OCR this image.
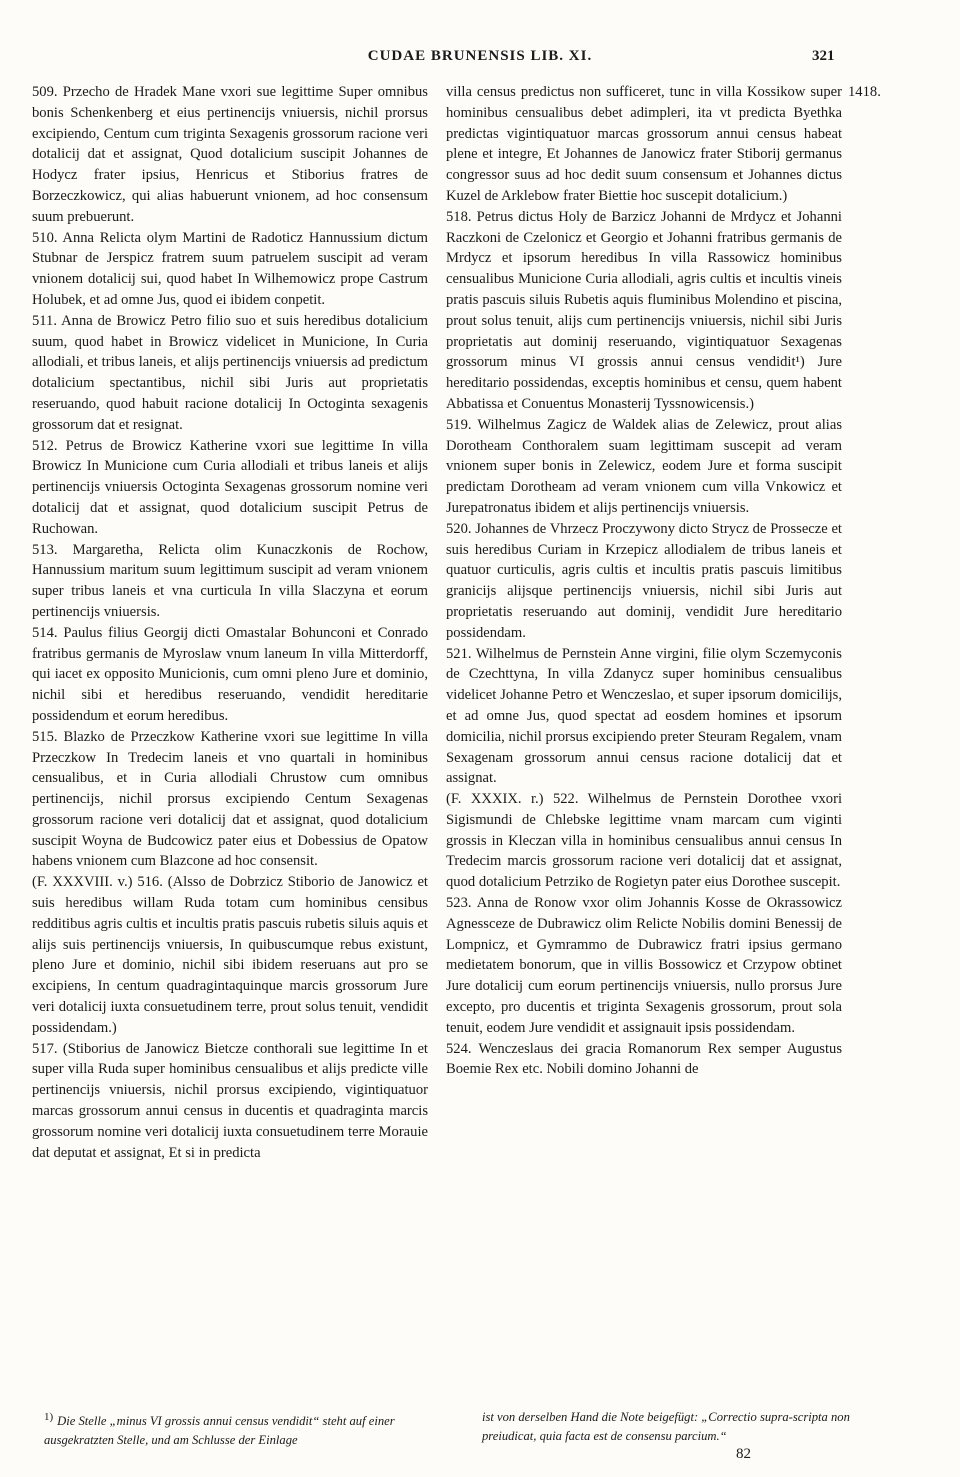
CUDAE BRUNENSIS LIB. XI.	321
1418.

509. Przecho de Hradek Mane vxori sue legittime Super omnibus bonis Schenkenberg et eius pertinencijs vniuersis, nichil prorsus excipiendo, Centum cum triginta Sexagenis grossorum racione veri dotalicij dat et assignat, Quod dotalicium suscipit Johannes de Hodycz frater ipsius, Henricus et Stiborius fratres de Borzeczkowicz, qui alias habuerunt vnionem, ad hoc consensum suum prebuerunt.

510. Anna Relicta olym Martini de Radoticz Hannussium dictum Stubnar de Jerspicz fratrem suum patruelem suscipit ad veram vnionem dotalicij sui, quod habet In Wilhemowicz prope Castrum Holubek, et ad omne Jus, quod ei ibidem conpetit.

511. Anna de Browicz Petro filio suo et suis heredibus dotalicium suum, quod habet in Browicz videlicet in Municione, In Curia allodiali, et tribus laneis, et alijs pertinencijs vniuersis ad predictum dotalicium spectantibus, nichil sibi Juris aut proprietatis reseruando, quod habuit racione dotalicij In Octoginta sexagenis grossorum dat et resignat.

512. Petrus de Browicz Katherine vxori sue legittime In villa Browicz In Municione cum Curia allodiali et tribus laneis et alijs pertinencijs vniuersis Octoginta Sexagenas grossorum nomine veri dotalicij dat et assignat, quod dotalicium suscipit Petrus de Ruchowan.

513. Margaretha, Relicta olim Kunaczkonis de Rochow, Hannussium maritum suum legittimum suscipit ad veram vnionem super tribus laneis et vna curticula In villa Slaczyna et eorum pertinencijs vniuersis.

514. Paulus filius Georgij dicti Omastalar Bohunconi et Conrado fratribus germanis de Myroslaw vnum laneum In villa Mitterdorff, qui iacet ex opposito Municionis, cum omni pleno Jure et dominio, nichil sibi et heredibus reseruando, vendidit hereditarie possidendum et eorum heredibus.

515. Blazko de Przeczkow Katherine vxori sue legittime In villa Przeczkow In Tredecim laneis et vno quartali in hominibus censualibus, et in Curia allodiali Chrustow cum omnibus pertinencijs, nichil prorsus excipiendo Centum Sexagenas grossorum racione veri dotalicij dat et assignat, quod dotalicium suscipit Woyna de Budcowicz pater eius et Dobessius de Opatow habens vnionem cum Blazcone ad hoc consensit.

(F. XXXVIII. v.) 516. (Alsso de Dobrzicz Stiborio de Janowicz et suis heredibus willam Ruda totam cum hominibus censibus redditibus agris cultis et incultis pratis pascuis rubetis siluis aquis et alijs suis pertinencijs vniuersis, In quibuscumque rebus existunt, pleno Jure et dominio, nichil sibi ibidem reseruans aut pro se excipiens, In centum quadragintaquinque marcis grossorum Jure veri dotalicij iuxta consuetudinem terre, prout solus tenuit, vendidit possidendam.)

517. (Stiborius de Janowicz Bietcze conthorali sue legittime In et super villa Ruda super hominibus censualibus et alijs predicte ville pertinencijs vniuersis, nichil prorsus excipiendo, vigintiquatuor marcas grossorum annui census in ducentis et quadraginta marcis grossorum nomine veri dotalicij iuxta consuetudinem terre Morauie dat deputat et assignat, Et si in predicta

villa census predictus non sufficeret, tunc in villa Kossikow super hominibus censualibus debet adimpleri, ita vt predicta Byethka predictas vigintiquatuor marcas grossorum annui census habeat plene et integre, Et Johannes de Janowicz frater Stiborij germanus congressor suus ad hoc dedit suum consensum et Johannes dictus Kuzel de Arklebow frater Biettie hoc suscepit dotalicium.)

518. Petrus dictus Holy de Barzicz Johanni de Mrdycz et Johanni Raczkoni de Czelonicz et Georgio et Johanni fratribus germanis de Mrdycz et ipsorum heredibus In villa Rassowicz hominibus censualibus Municione Curia allodiali, agris cultis et incultis vineis pratis pascuis siluis Rubetis aquis fluminibus Molendino et piscina, prout solus tenuit, alijs cum pertinencijs vniuersis, nichil sibi Juris proprietatis aut dominij reseruando, vigintiquatuor Sexagenas grossorum minus VI grossis annui census vendidit¹) Jure hereditario possidendas, exceptis hominibus et censu, quem habent Abbatissa et Conuentus Monasterij Tyssnowicensis.)

519. Wilhelmus Zagicz de Waldek alias de Zelewicz, prout alias Dorotheam Conthoralem suam legittimam suscepit ad veram vnionem super bonis in Zelewicz, eodem Jure et forma suscipit predictam Dorotheam ad veram vnionem cum villa Vnkowicz et Jurepatronatus ibidem et alijs pertinencijs vniuersis.

520. Johannes de Vhrzecz Proczywony dicto Strycz de Prossecze et suis heredibus Curiam in Krzepicz allodialem de tribus laneis et quatuor curticulis, agris cultis et incultis pratis pascuis limitibus granicijs alijsque pertinencijs vniuersis, nichil sibi Juris aut proprietatis reseruando aut dominij, vendidit Jure hereditario possidendam.

521. Wilhelmus de Pernstein Anne virgini, filie olym Sczemyconis de Czechttyna, In villa Zdanycz super hominibus censualibus videlicet Johanne Petro et Wenczeslao, et super ipsorum domicilijs, et ad omne Jus, quod spectat ad eosdem homines et ipsorum domicilia, nichil prorsus excipiendo preter Steuram Regalem, vnam Sexagenam grossorum annui census racione dotalicij dat et assignat.

(F. XXXIX. r.) 522. Wilhelmus de Pernstein Dorothee vxori Sigismundi de Chlebske legittime vnam marcam cum viginti grossis in Kleczan villa in hominibus censualibus annui census In Tredecim marcis grossorum racione veri dotalicij dat et assignat, quod dotalicium Petrziko de Rogietyn pater eius Dorothee suscepit.

523. Anna de Ronow vxor olim Johannis Kosse de Okrassowicz Agnessceze de Dubrawicz olim Relicte Nobilis domini Benessij de Lompnicz, et Gymrammo de Dubrawicz fratri ipsius germano medietatem bonorum, que in villis Bossowicz et Crzypow obtinet Jure dotalicij cum eorum pertinencijs vniuersis, nullo prorsus Jure excepto, pro ducentis et triginta Sexagenis grossorum, prout sola tenuit, eodem Jure vendidit et assignauit ipsis possidendam.

524. Wenczeslaus dei gracia Romanorum Rex semper Augustus Boemie Rex etc. Nobili domino Johanni de

1) Die Stelle „minus VI grossis annui census vendidit“ steht auf einer ausgekratzten Stelle, und am Schlusse der Einlage
ist von derselben Hand die Note beigefügt: „Correctio supra-scripta non preiudicat, quia facta est de consensu parcium.“
82
